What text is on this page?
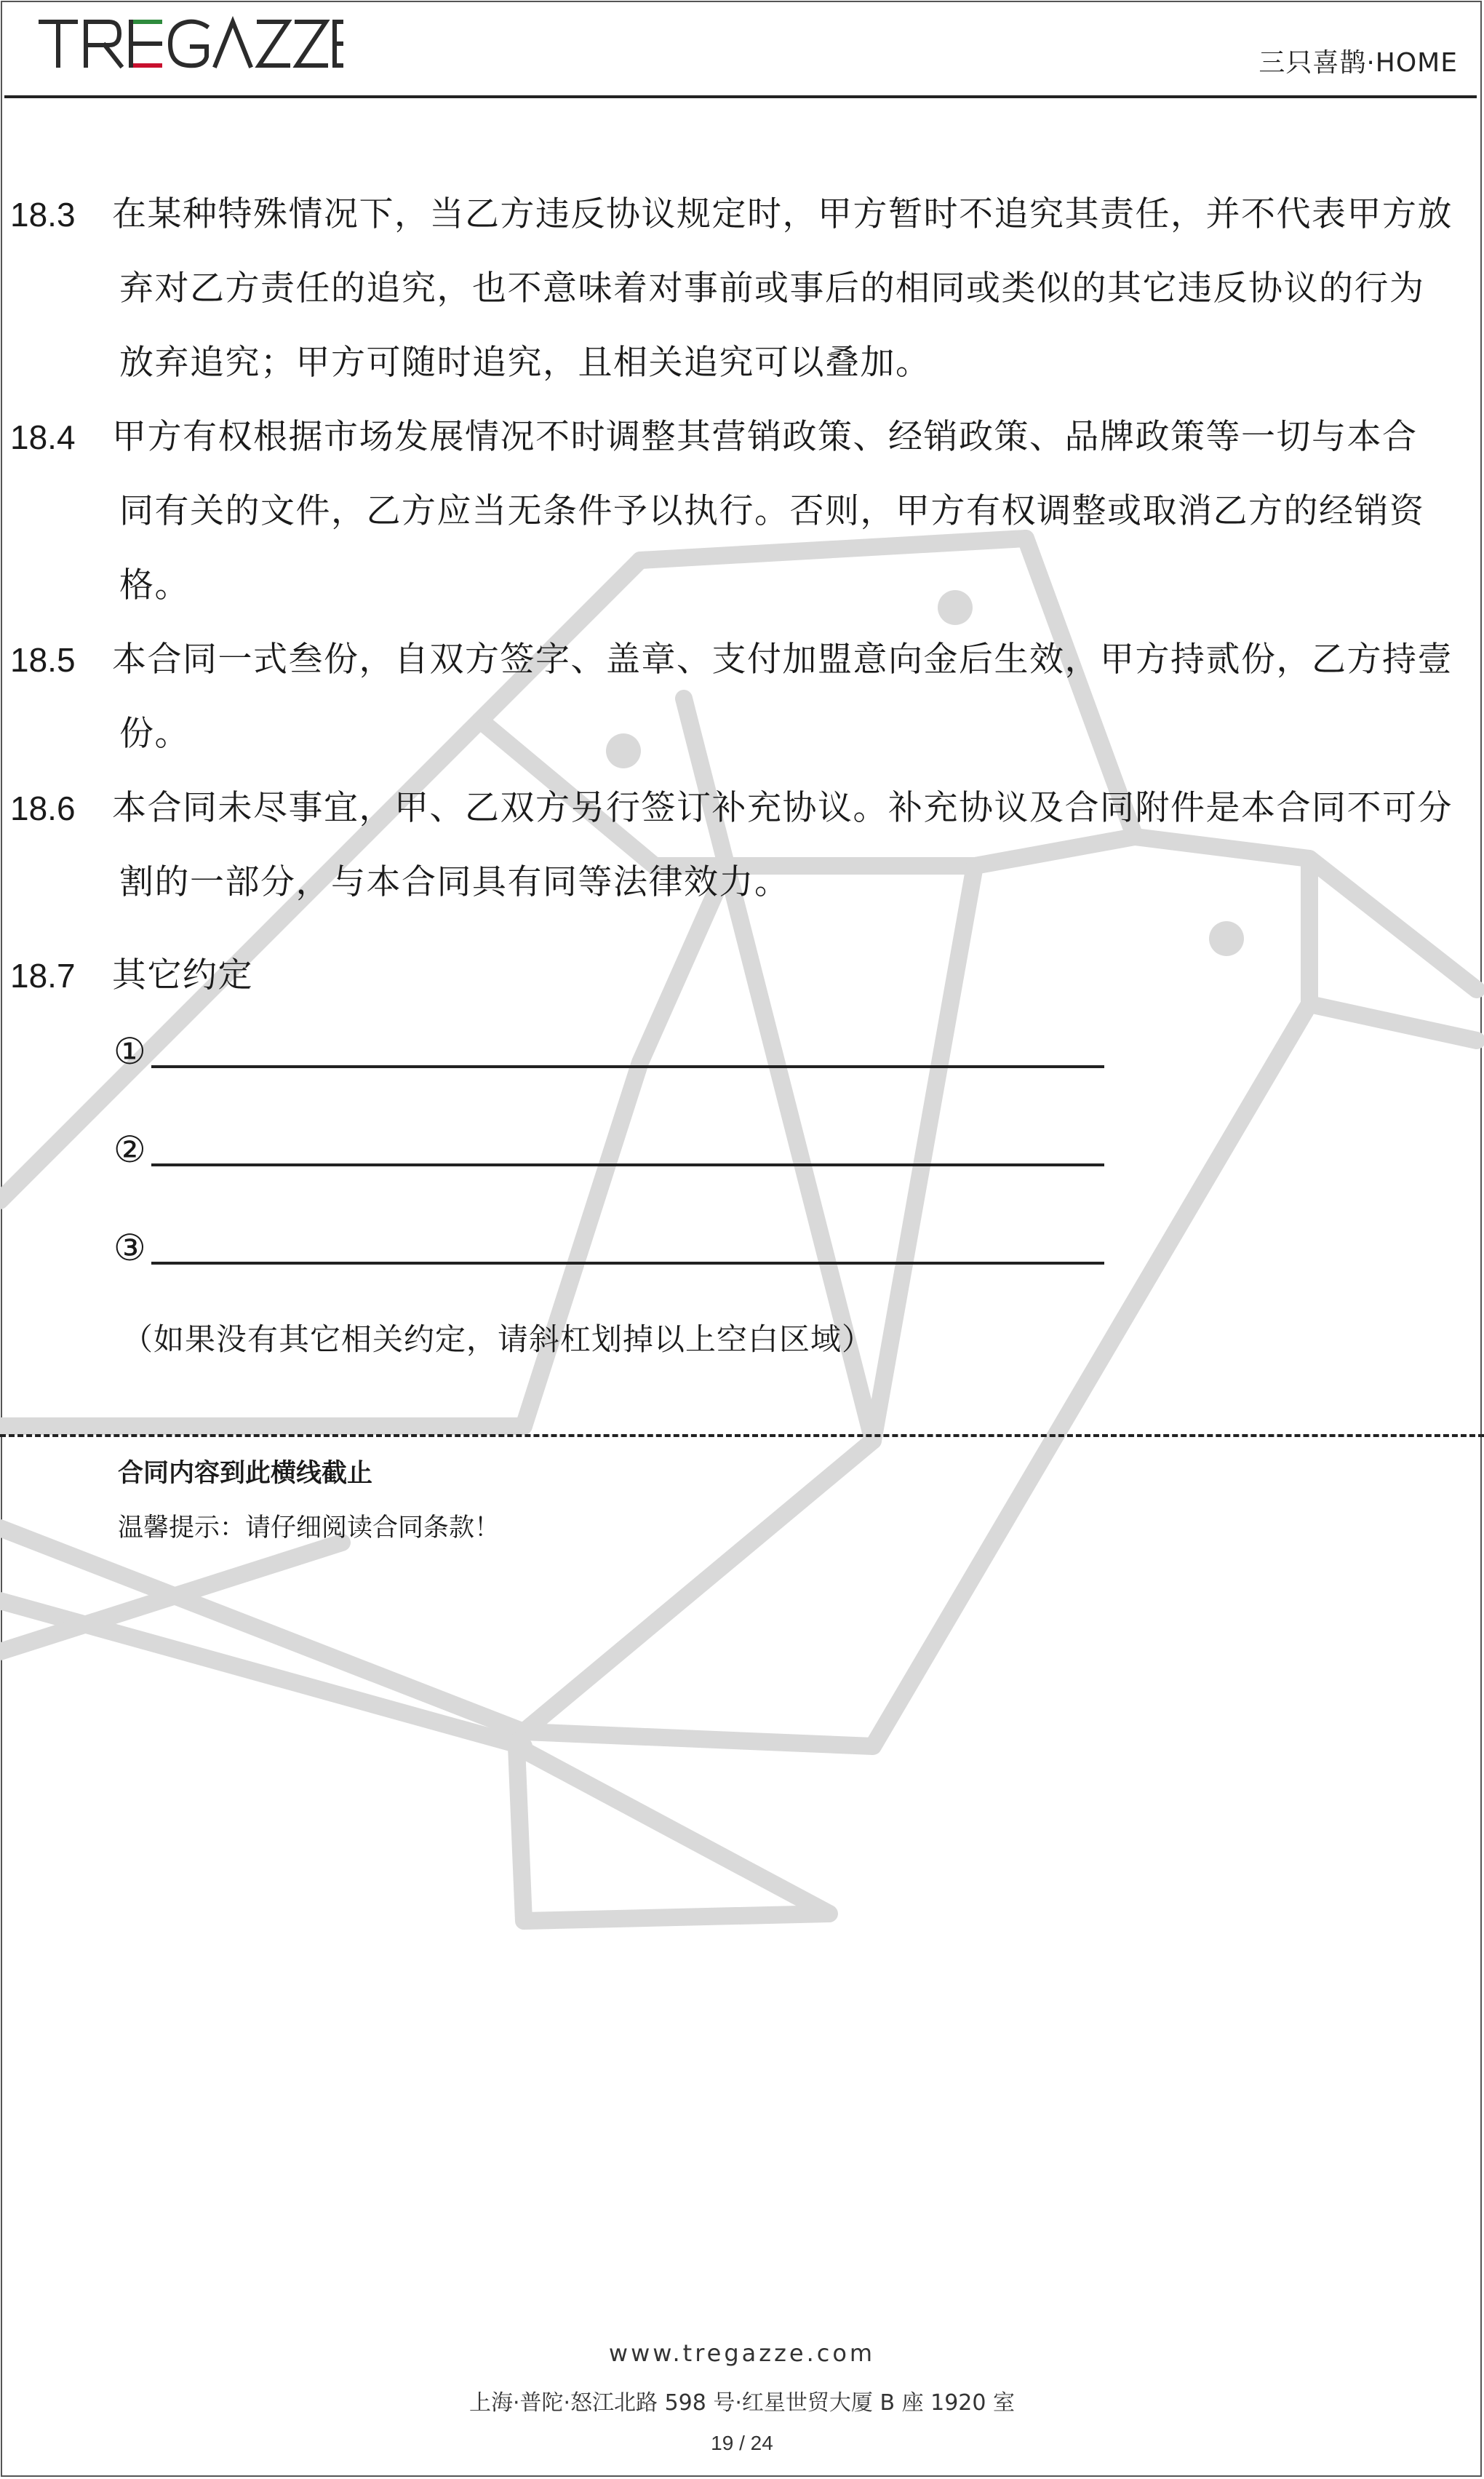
三只喜鹊·HOME
18.3	在某种特殊情况下，当乙方违反协议规定时，甲方暂时不追究其责任，并不代表甲方放
弃对乙方责任的追究，也不意味着对事前或事后的相同或类似的其它违反协议的行为
放弃追究；甲方可随时追究，且相关追究可以叠加。
18.4	甲方有权根据市场发展情况不时调整其营销政策、经销政策、品牌政策等一切与本合
同有关的文件，乙方应当无条件予以执行。否则，甲方有权调整或取消乙方的经销资
格。
18.5	本合同一式叁份，自双方签字、盖章、支付加盟意向金后生效，甲方持贰份，乙方持壹
份。
18.6	本合同未尽事宜，甲、乙双方另行签订补充协议。补充协议及合同附件是本合同不可分
割的一部分，与本合同具有同等法律效力。
18.7	其它约定
①
②
③
（如果没有其它相关约定，请斜杠划掉以上空白区域）
合同内容到此横线截止
温馨提示：请仔细阅读合同条款！
www.tregazze.com
上海·普陀·怒江北路 598 号·红星世贸大厦 B 座 1920 室
19 / 24
